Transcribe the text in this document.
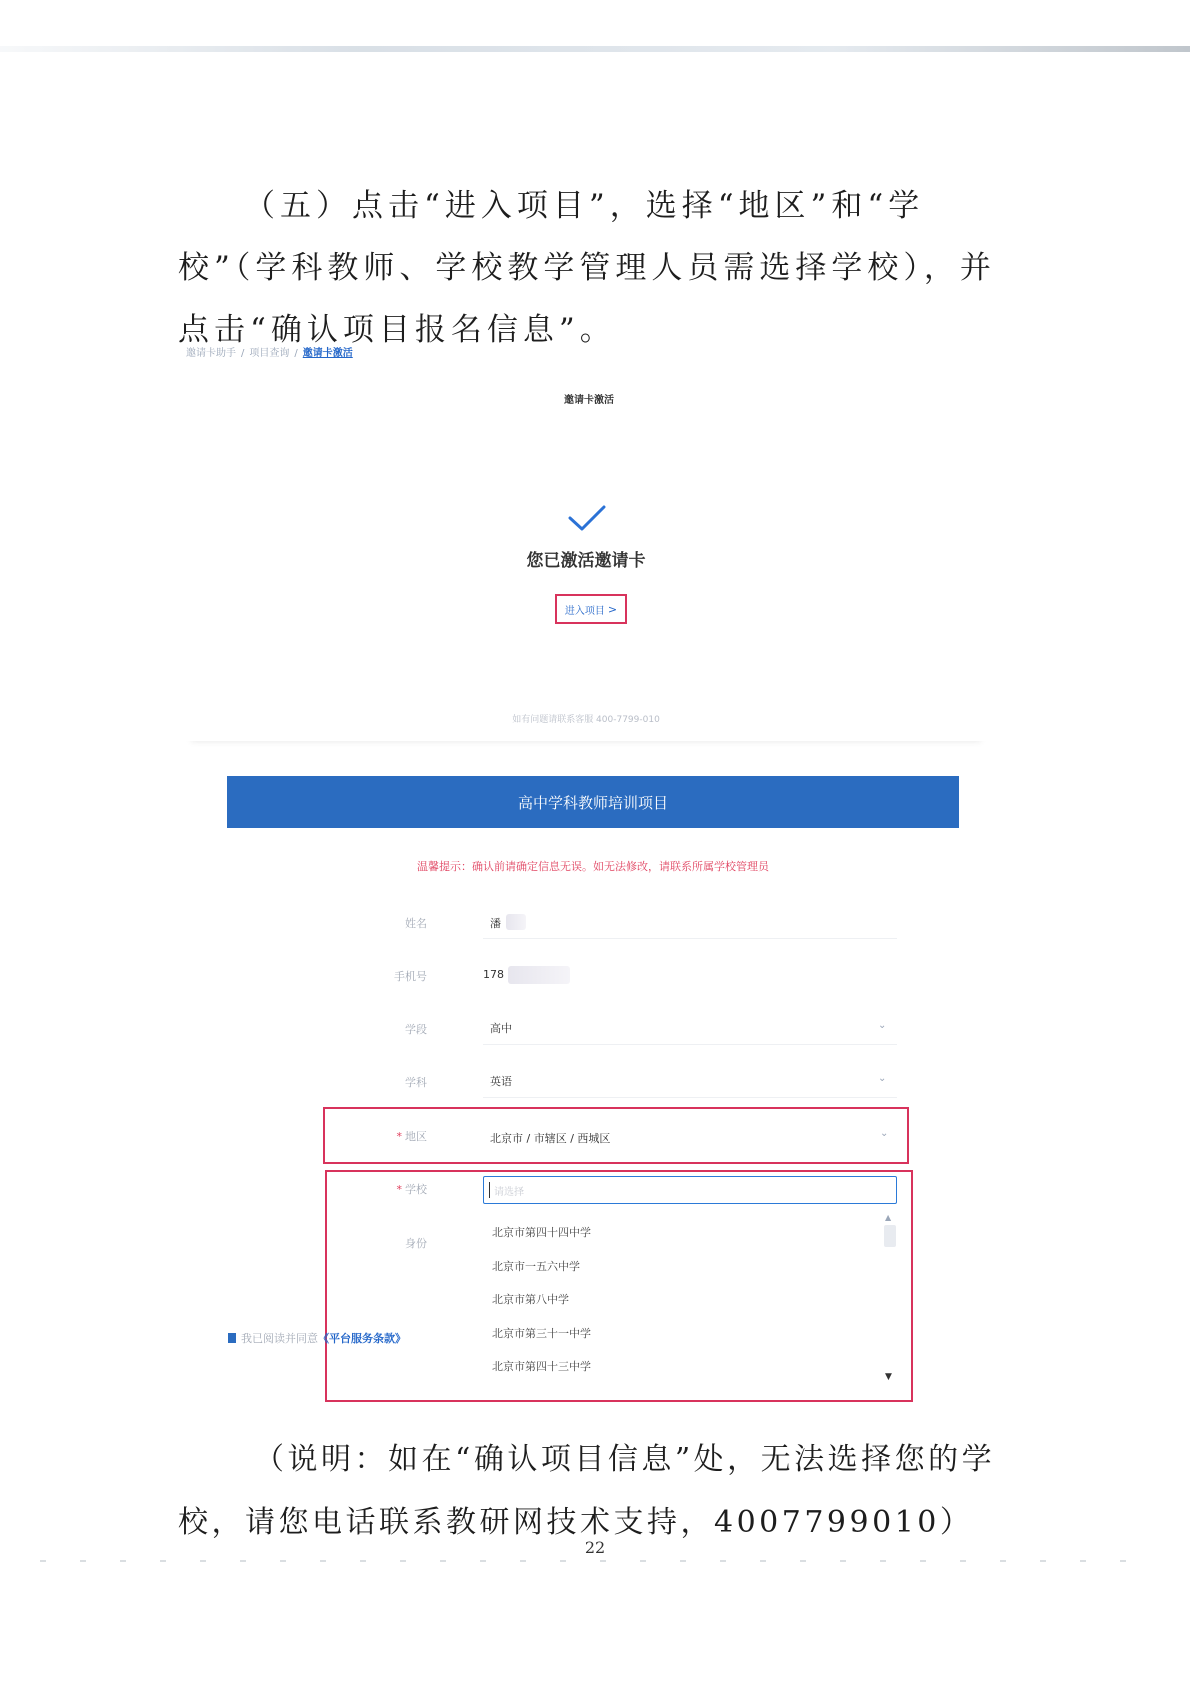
（五）点击“进入项目”，选择“地区”和“学校”（学科教师、学校教学管理人员需选择学校），并点击“确认项目报名信息”。

邀请卡助手 / 项目查询 / 邀请卡激活
邀请卡激活
您已激活邀请卡
进入项目 >
如有问题请联系客服 400-7799-010
高中学科教师培训项目
温馨提示：确认前请确定信息无误。如无法修改，请联系所属学校管理员
姓名	潘
手机号	178
学段	高中	⌄
学科	英语	⌄
* 地区	北京市 / 市辖区 / 西城区	⌄
* 学校	请选择
身份
北京市第四十四中学
北京市一五六中学
北京市第八中学
北京市第三十一中学
北京市第四十三中学
▲
▼
我已阅读并同意《平台服务条款》

（说明：如在“确认项目信息”处，无法选择您的学校，请您电话联系教研网技术支持，4007799010）

22
